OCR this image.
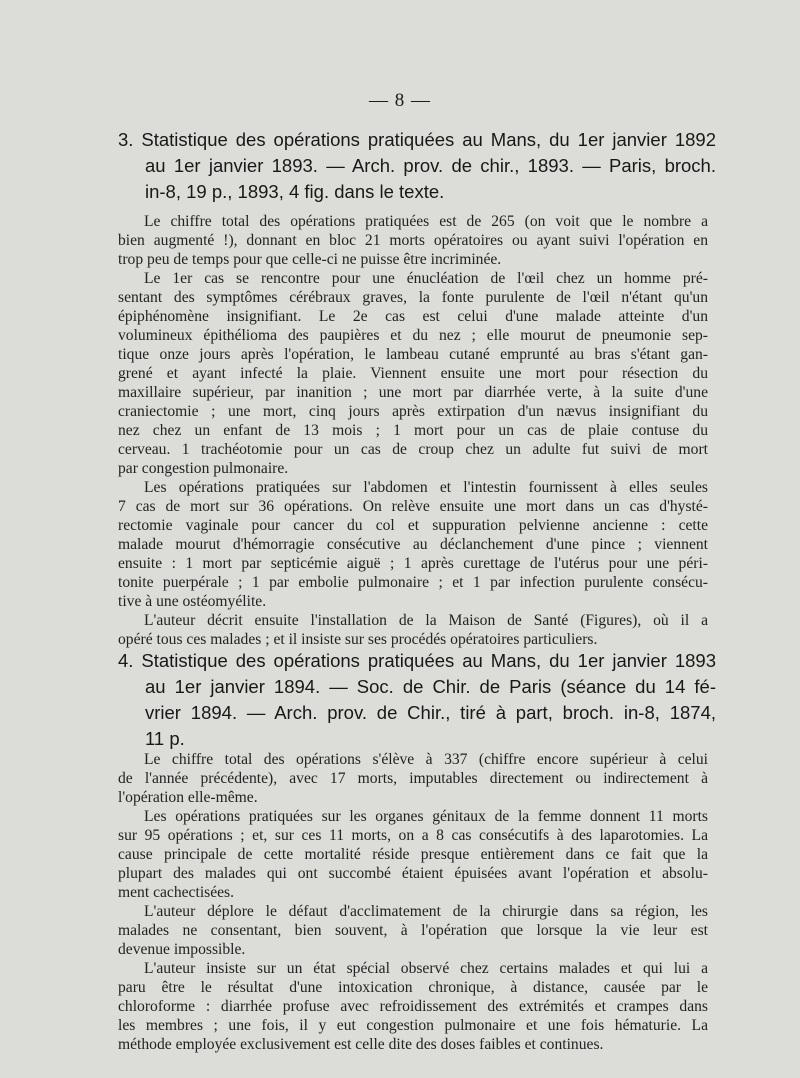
— 8 —
3. Statistique des opérations pratiquées au Mans, du 1er janvier 1892
au 1er janvier 1893. — Arch. prov. de chir., 1893. — Paris, broch.
in-8, 19 p., 1893, 4 fig. dans le texte.
Le chiffre total des opérations pratiquées est de 265 (on voit que le nombre a
bien augmenté !), donnant en bloc 21 morts opératoires ou ayant suivi l'opération en
trop peu de temps pour que celle-ci ne puisse être incriminée.
Le 1er cas se rencontre pour une énucléation de l'œil chez un homme pré-
sentant des symptômes cérébraux graves, la fonte purulente de l'œil n'étant qu'un
épiphénomène insignifiant. Le 2e cas est celui d'une malade atteinte d'un
volumineux épithélioma des paupières et du nez ; elle mourut de pneumonie sep-
tique onze jours après l'opération, le lambeau cutané emprunté au bras s'étant gan-
grené et ayant infecté la plaie. Viennent ensuite une mort pour résection du
maxillaire supérieur, par inanition ; une mort par diarrhée verte, à la suite d'une
craniectomie ; une mort, cinq jours après extirpation d'un nævus insignifiant du
nez chez un enfant de 13 mois ; 1 mort pour un cas de plaie contuse du
cerveau. 1 trachéotomie pour un cas de croup chez un adulte fut suivi de mort
par congestion pulmonaire.
Les opérations pratiquées sur l'abdomen et l'intestin fournissent à elles seules
7 cas de mort sur 36 opérations. On relève ensuite une mort dans un cas d'hysté-
rectomie vaginale pour cancer du col et suppuration pelvienne ancienne : cette
malade mourut d'hémorragie consécutive au déclanchement d'une pince ; viennent
ensuite : 1 mort par septicémie aiguë ; 1 après curettage de l'utérus pour une péri-
tonite puerpérale ; 1 par embolie pulmonaire ; et 1 par infection purulente consécu-
tive à une ostéomyélite.
L'auteur décrit ensuite l'installation de la Maison de Santé (Figures), où il a
opéré tous ces malades ; et il insiste sur ses procédés opératoires particuliers.
4. Statistique des opérations pratiquées au Mans, du 1er janvier 1893
au 1er janvier 1894. — Soc. de Chir. de Paris (séance du 14 fé-
vrier 1894. — Arch. prov. de Chir., tiré à part, broch. in-8, 1874,
11 p.
Le chiffre total des opérations s'élève à 337 (chiffre encore supérieur à celui
de l'année précédente), avec 17 morts, imputables directement ou indirectement à
l'opération elle-même.
Les opérations pratiquées sur les organes génitaux de la femme donnent 11 morts
sur 95 opérations ; et, sur ces 11 morts, on a 8 cas consécutifs à des laparotomies. La
cause principale de cette mortalité réside presque entièrement dans ce fait que la
plupart des malades qui ont succombé étaient épuisées avant l'opération et absolu-
ment cachectisées.
L'auteur déplore le défaut d'acclimatement de la chirurgie dans sa région, les
malades ne consentant, bien souvent, à l'opération que lorsque la vie leur est
devenue impossible.
L'auteur insiste sur un état spécial observé chez certains malades et qui lui a
paru être le résultat d'une intoxication chronique, à distance, causée par le
chloroforme : diarrhée profuse avec refroidissement des extrémités et crampes dans
les membres ; une fois, il y eut congestion pulmonaire et une fois hématurie. La
méthode employée exclusivement est celle dite des doses faibles et continues.
